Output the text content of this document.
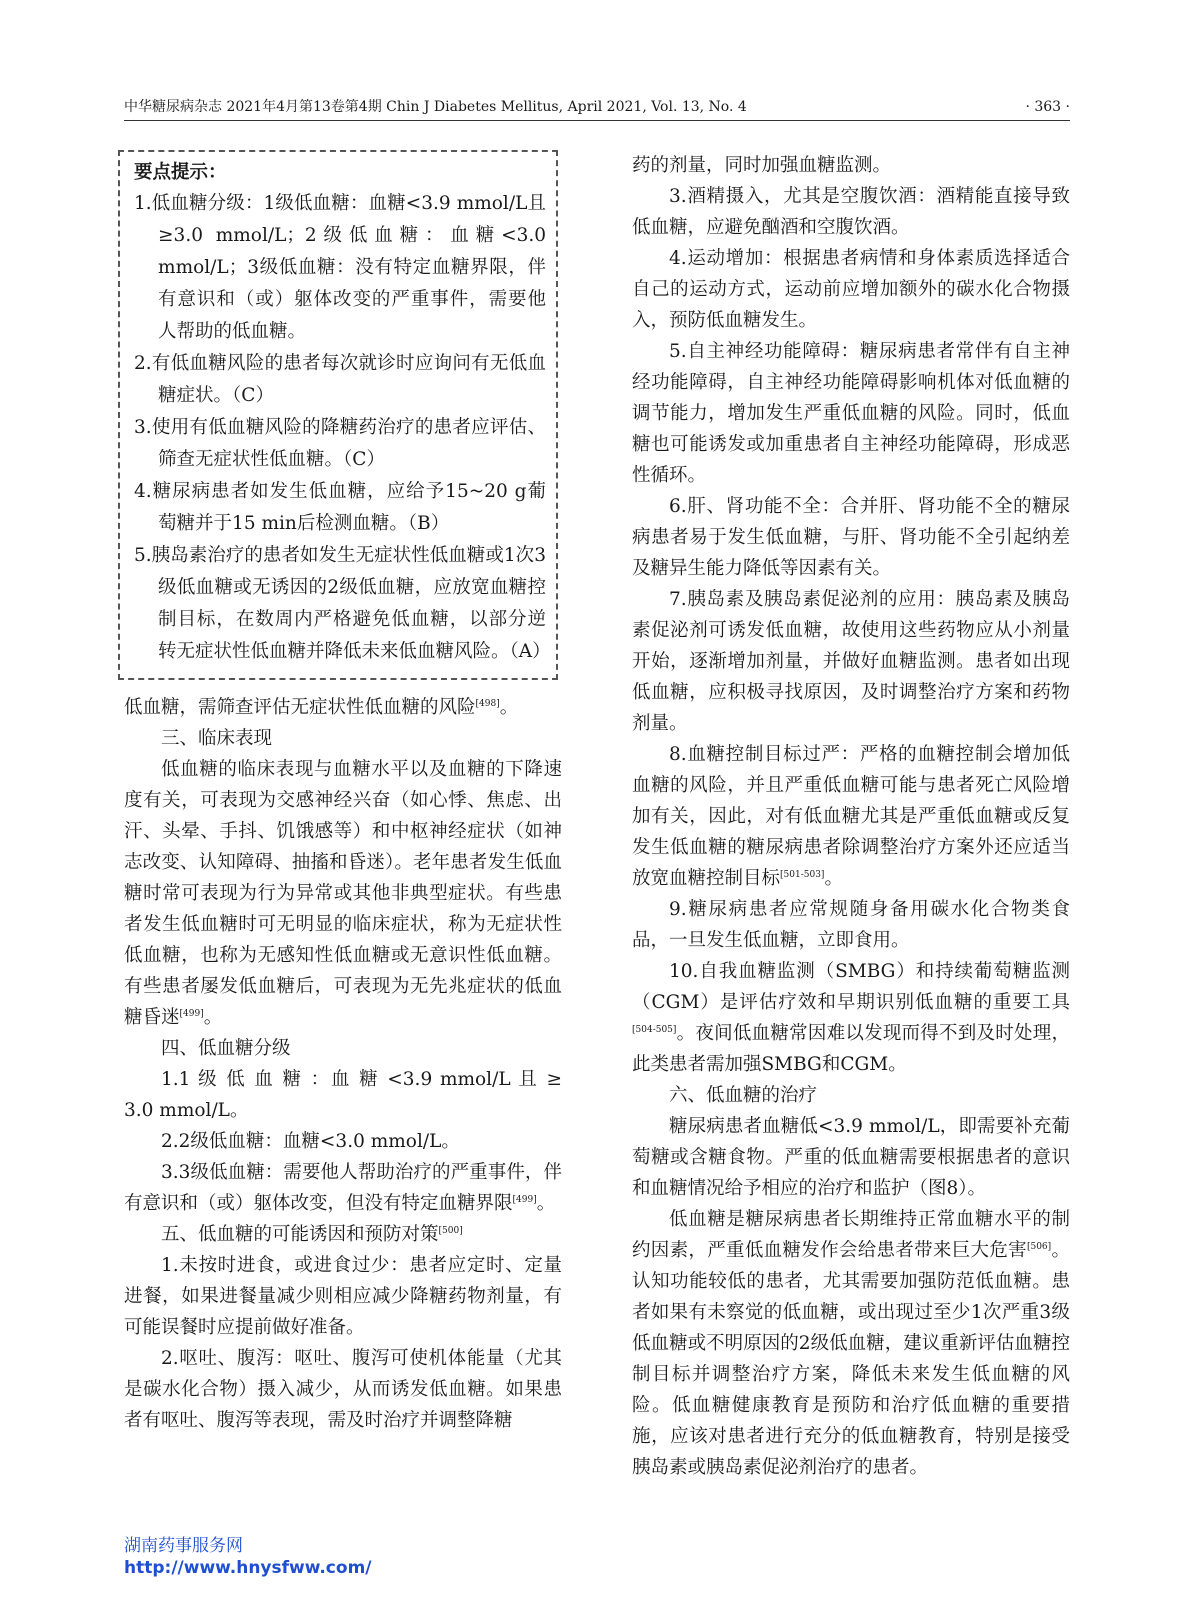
中华糖尿病杂志 2021年4月第13卷第4期 Chin J Diabetes Mellitus, April 2021, Vol. 13, No. 4	· 363 ·
要点提示：
1.低血糖分级：1级低血糖：血糖<3.9 mmol/L且≥3.0 mmol/L；2级低血糖：血糖<3.0 mmol/L；3级低血糖：没有特定血糖界限，伴有意识和（或）躯体改变的严重事件，需要他人帮助的低血糖。
2.有低血糖风险的患者每次就诊时应询问有无低血糖症状。（C）
3.使用有低血糖风险的降糖药治疗的患者应评估、筛查无症状性低血糖。（C）
4.糖尿病患者如发生低血糖，应给予15~20 g葡萄糖并于15 min后检测血糖。（B）
5.胰岛素治疗的患者如发生无症状性低血糖或1次3级低血糖或无诱因的2级低血糖，应放宽血糖控制目标，在数周内严格避免低血糖，以部分逆转无症状性低血糖并降低未来低血糖风险。（A）

低血糖，需筛查评估无症状性低血糖的风险[498]。

三、临床表现

低血糖的临床表现与血糖水平以及血糖的下降速度有关，可表现为交感神经兴奋（如心悸、焦虑、出汗、头晕、手抖、饥饿感等）和中枢神经症状（如神志改变、认知障碍、抽搐和昏迷）。老年患者发生低血糖时常可表现为行为异常或其他非典型症状。有些患者发生低血糖时可无明显的临床症状，称为无症状性低血糖，也称为无感知性低血糖或无意识性低血糖。有些患者屡发低血糖后，可表现为无先兆症状的低血糖昏迷[499]。

四、低血糖分级

1.1 级 低 血 糖 ：血 糖 <3.9 mmol/L 且 ≥ 3.0 mmol/L。

2.2级低血糖：血糖<3.0 mmol/L。

3.3级低血糖：需要他人帮助治疗的严重事件，伴有意识和（或）躯体改变，但没有特定血糖界限[499]。

五、低血糖的可能诱因和预防对策[500]

1.未按时进食，或进食过少：患者应定时、定量进餐，如果进餐量减少则相应减少降糖药物剂量，有可能误餐时应提前做好准备。

2.呕吐、腹泻：呕吐、腹泻可使机体能量（尤其是碳水化合物）摄入减少，从而诱发低血糖。如果患者有呕吐、腹泻等表现，需及时治疗并调整降糖

药的剂量，同时加强血糖监测。

3.酒精摄入，尤其是空腹饮酒：酒精能直接导致低血糖，应避免酗酒和空腹饮酒。

4.运动增加：根据患者病情和身体素质选择适合自己的运动方式，运动前应增加额外的碳水化合物摄入，预防低血糖发生。

5.自主神经功能障碍：糖尿病患者常伴有自主神经功能障碍，自主神经功能障碍影响机体对低血糖的调节能力，增加发生严重低血糖的风险。同时，低血糖也可能诱发或加重患者自主神经功能障碍，形成恶性循环。

6.肝、肾功能不全：合并肝、肾功能不全的糖尿病患者易于发生低血糖，与肝、肾功能不全引起纳差及糖异生能力降低等因素有关。

7.胰岛素及胰岛素促泌剂的应用：胰岛素及胰岛素促泌剂可诱发低血糖，故使用这些药物应从小剂量开始，逐渐增加剂量，并做好血糖监测。患者如出现低血糖，应积极寻找原因，及时调整治疗方案和药物剂量。

8.血糖控制目标过严：严格的血糖控制会增加低血糖的风险，并且严重低血糖可能与患者死亡风险增加有关，因此，对有低血糖尤其是严重低血糖或反复发生低血糖的糖尿病患者除调整治疗方案外还应适当放宽血糖控制目标[501-503]。

9.糖尿病患者应常规随身备用碳水化合物类食品，一旦发生低血糖，立即食用。

10.自我血糖监测（SMBG）和持续葡萄糖监测（CGM）是评估疗效和早期识别低血糖的重要工具[504-505]。夜间低血糖常因难以发现而得不到及时处理，此类患者需加强SMBG和CGM。

六、低血糖的治疗

糖尿病患者血糖低<3.9 mmol/L，即需要补充葡萄糖或含糖食物。严重的低血糖需要根据患者的意识和血糖情况给予相应的治疗和监护（图8）。

低血糖是糖尿病患者长期维持正常血糖水平的制约因素，严重低血糖发作会给患者带来巨大危害[506]。认知功能较低的患者，尤其需要加强防范低血糖。患者如果有未察觉的低血糖，或出现过至少1次严重3级低血糖或不明原因的2级低血糖，建议重新评估血糖控制目标并调整治疗方案，降低未来发生低血糖的风险。低血糖健康教育是预防和治疗低血糖的重要措施，应该对患者进行充分的低血糖教育，特别是接受胰岛素或胰岛素促泌剂治疗的患者。

湖南药事服务网
http://www.hnysfww.com/
